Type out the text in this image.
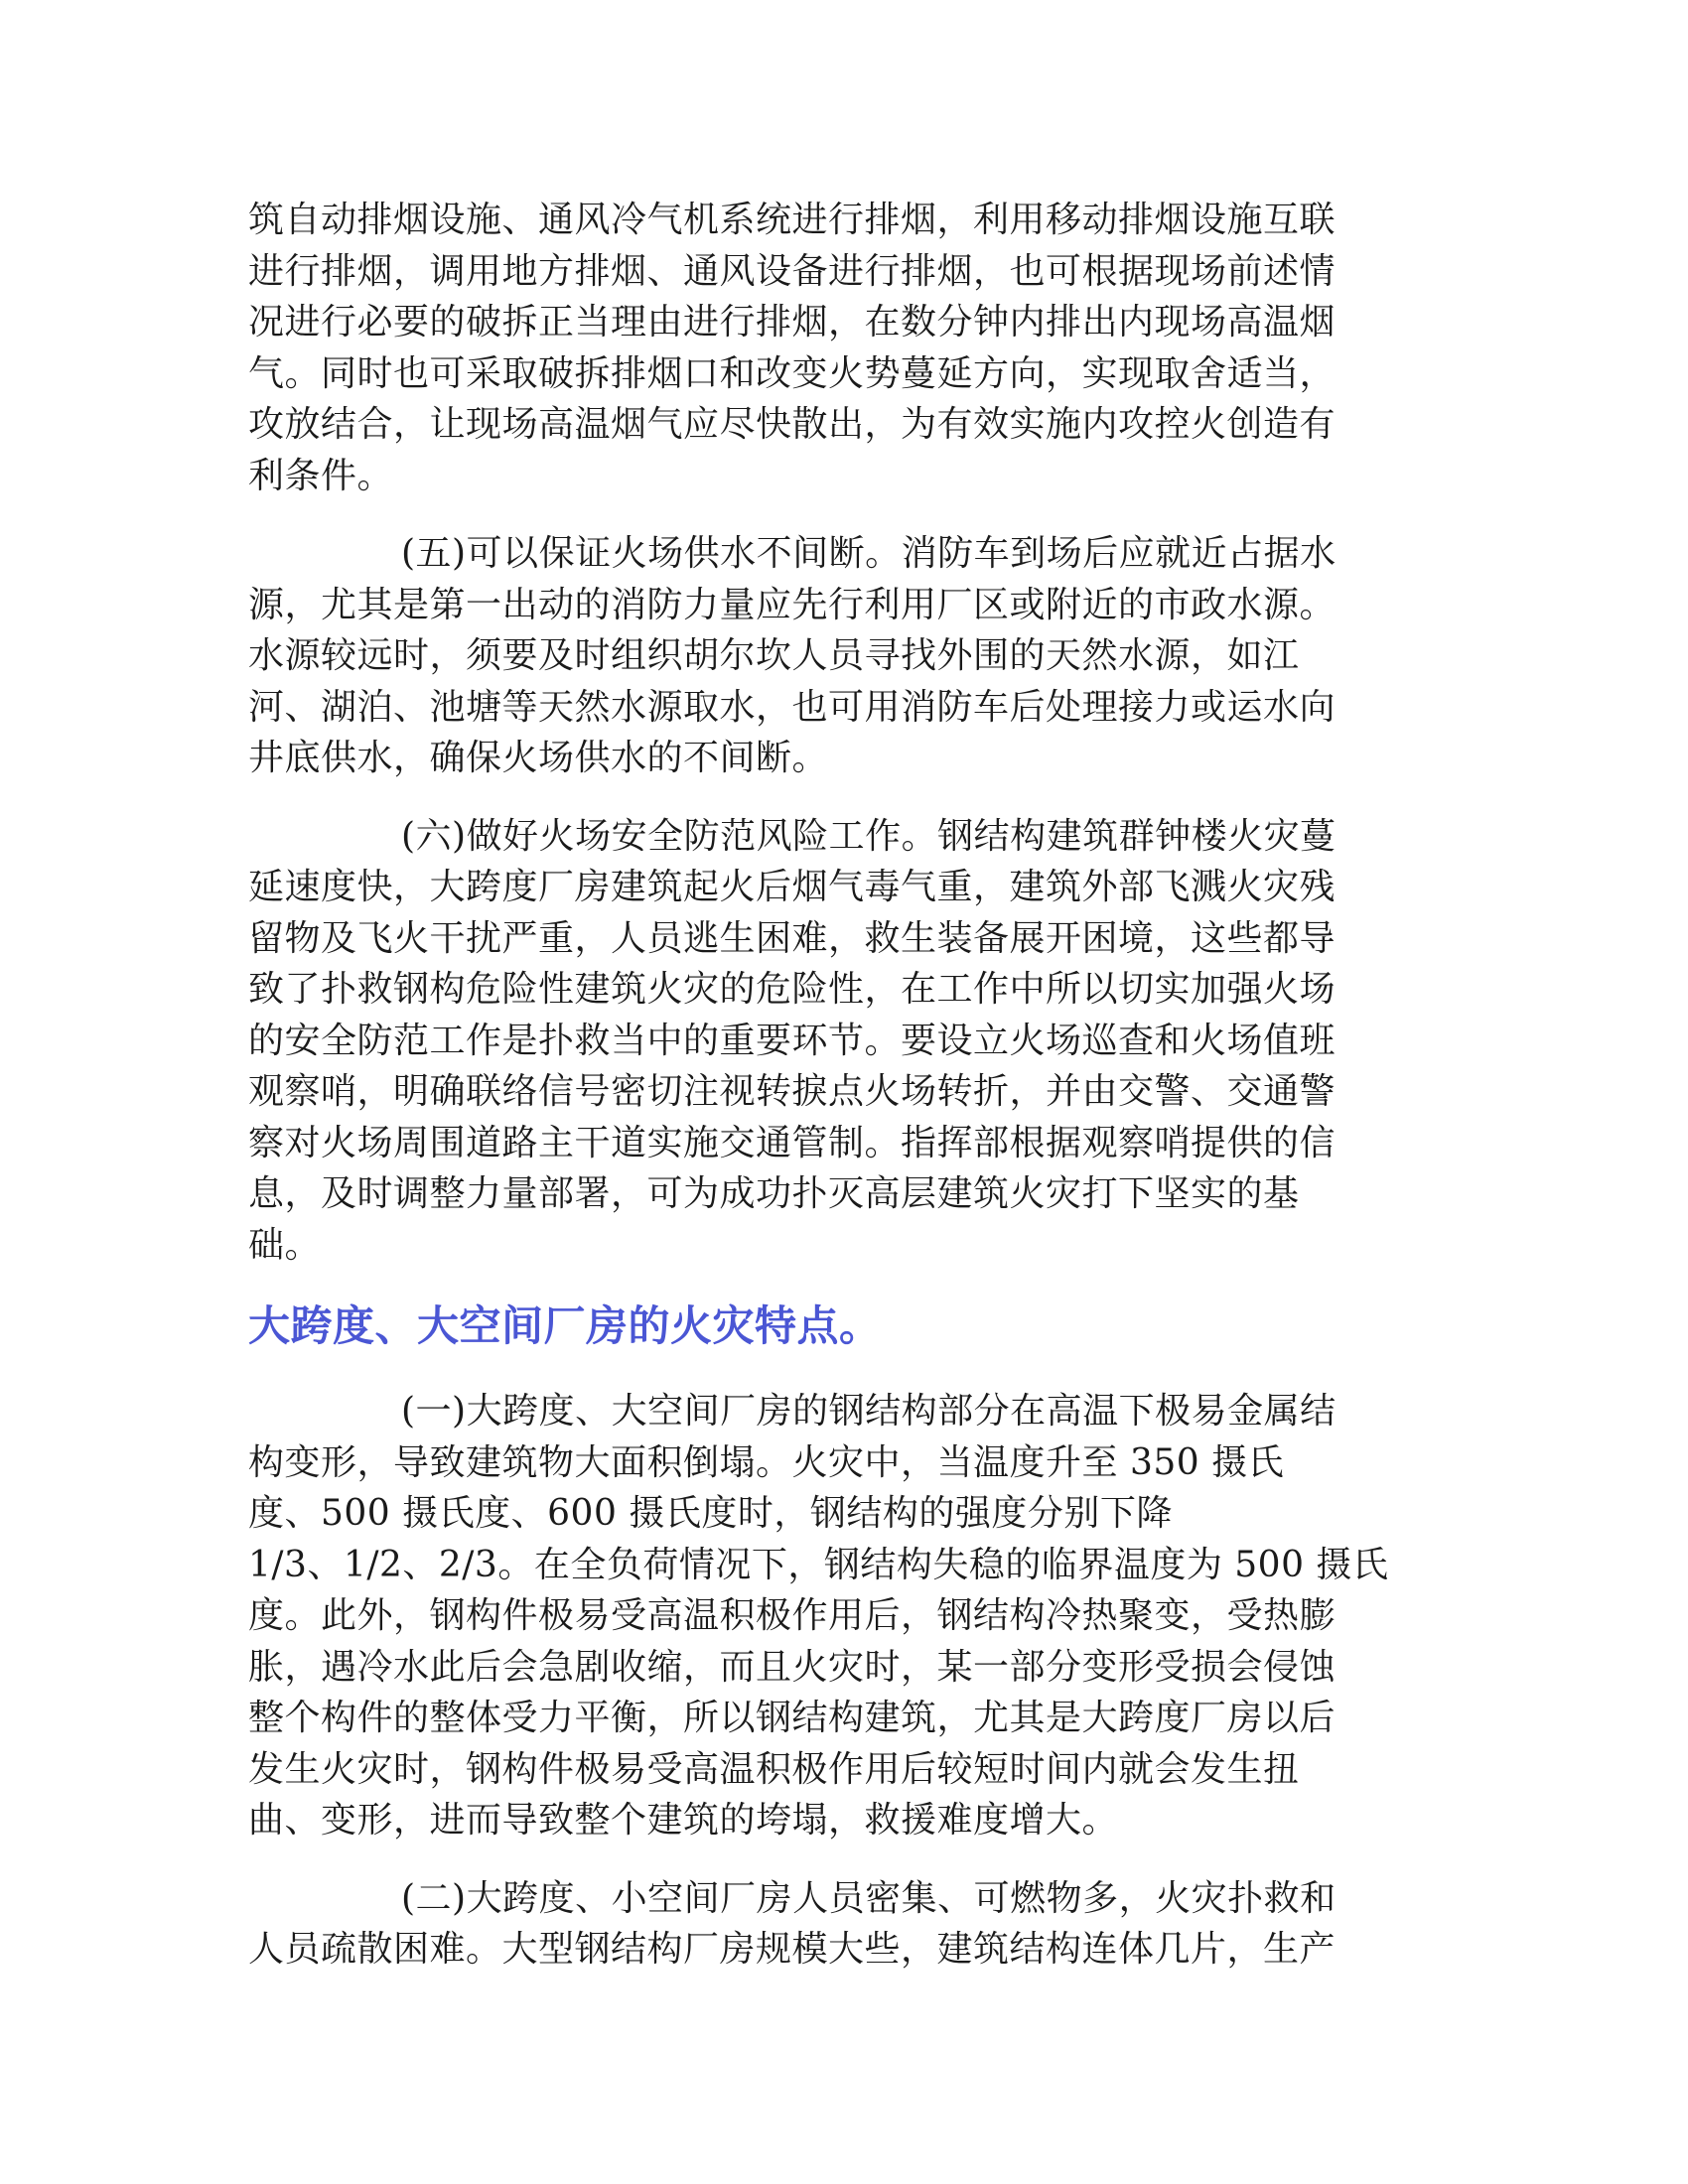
筑自动排烟设施、通风冷气机系统进行排烟，利用移动排烟设施互联
进行排烟，调用地方排烟、通风设备进行排烟，也可根据现场前述情
况进行必要的破拆正当理由进行排烟，在数分钟内排出内现场高温烟
气。同时也可采取破拆排烟口和改变火势蔓延方向，实现取舍适当，
攻放结合，让现场高温烟气应尽快散出，为有效实施内攻控火创造有
利条件。

(五)可以保证火场供水不间断。消防车到场后应就近占据水
源，尤其是第一出动的消防力量应先行利用厂区或附近的市政水源。
水源较远时，须要及时组织胡尔坎人员寻找外围的天然水源，如江
河、湖泊、池塘等天然水源取水，也可用消防车后处理接力或运水向
井底供水，确保火场供水的不间断。

(六)做好火场安全防范风险工作。钢结构建筑群钟楼火灾蔓
延速度快，大跨度厂房建筑起火后烟气毒气重，建筑外部飞溅火灾残
留物及飞火干扰严重，人员逃生困难，救生装备展开困境，这些都导
致了扑救钢构危险性建筑火灾的危险性，在工作中所以切实加强火场
的安全防范工作是扑救当中的重要环节。要设立火场巡查和火场值班
观察哨，明确联络信号密切注视转捩点火场转折，并由交警、交通警
察对火场周围道路主干道实施交通管制。指挥部根据观察哨提供的信
息，及时调整力量部署，可为成功扑灭高层建筑火灾打下坚实的基
础。

大跨度、大空间厂房的火灾特点。

(一)大跨度、大空间厂房的钢结构部分在高温下极易金属结
构变形，导致建筑物大面积倒塌。火灾中，当温度升至 350 摄氏
度、500 摄氏度、600 摄氏度时，钢结构的强度分别下降
1/3、1/2、2/3。在全负荷情况下，钢结构失稳的临界温度为 500 摄氏
度。此外，钢构件极易受高温积极作用后，钢结构冷热聚变，受热膨
胀，遇冷水此后会急剧收缩，而且火灾时，某一部分变形受损会侵蚀
整个构件的整体受力平衡，所以钢结构建筑，尤其是大跨度厂房以后
发生火灾时，钢构件极易受高温积极作用后较短时间内就会发生扭
曲、变形，进而导致整个建筑的垮塌，救援难度增大。

(二)大跨度、小空间厂房人员密集、可燃物多，火灾扑救和
人员疏散困难。大型钢结构厂房规模大些，建筑结构连体几片，生产
